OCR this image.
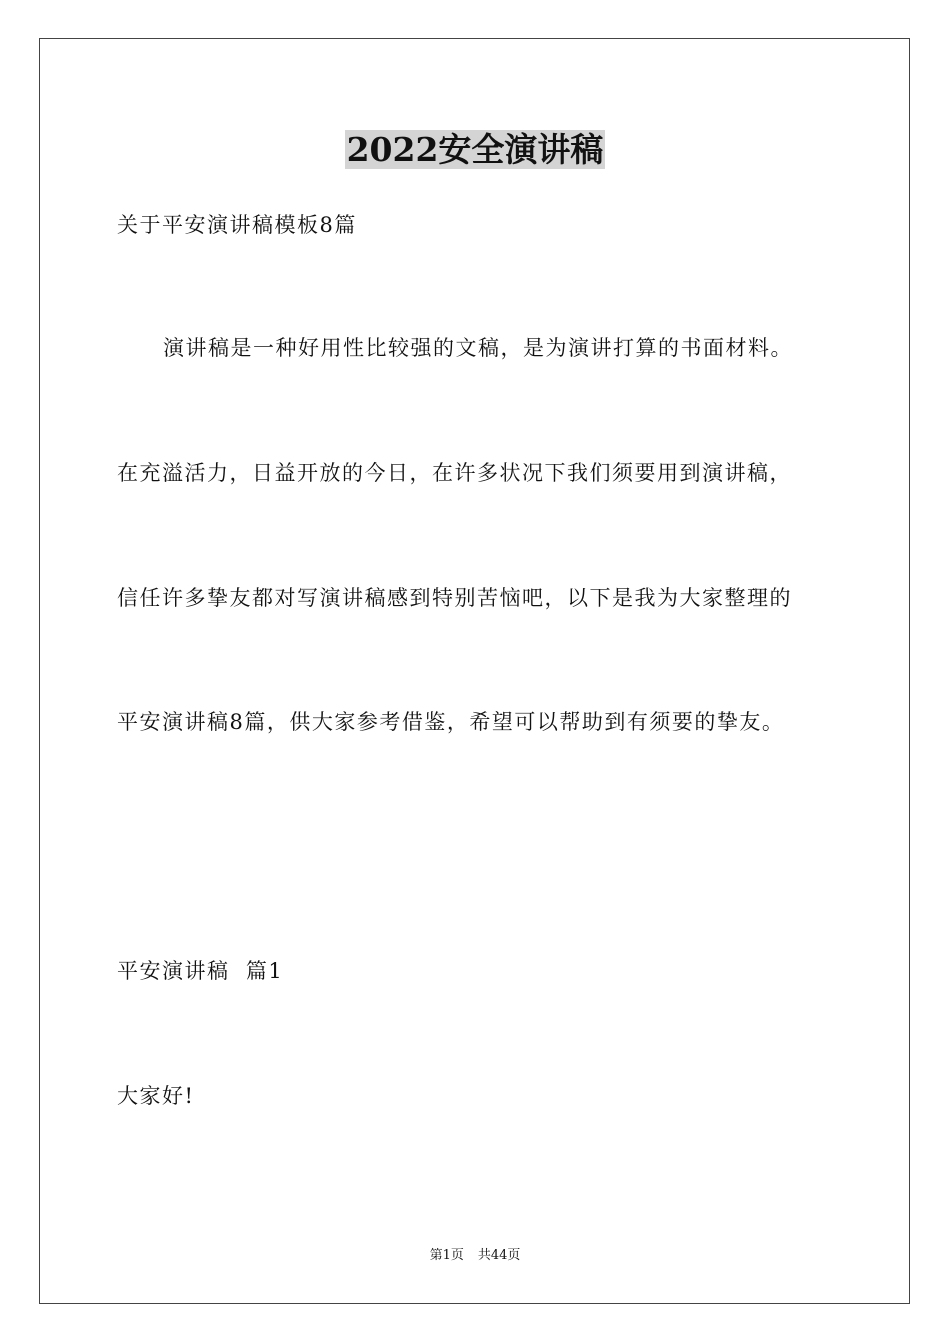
2022安全演讲稿
关于平安演讲稿模板8篇
演讲稿是一种好用性比较强的文稿，是为演讲打算的书面材料。
在充溢活力，日益开放的今日，在许多状况下我们须要用到演讲稿，
信任许多挚友都对写演讲稿感到特别苦恼吧，以下是我为大家整理的
平安演讲稿8篇，供大家参考借鉴，希望可以帮助到有须要的挚友。
平安演讲稿  篇1
大家好!
第1页 共44页
